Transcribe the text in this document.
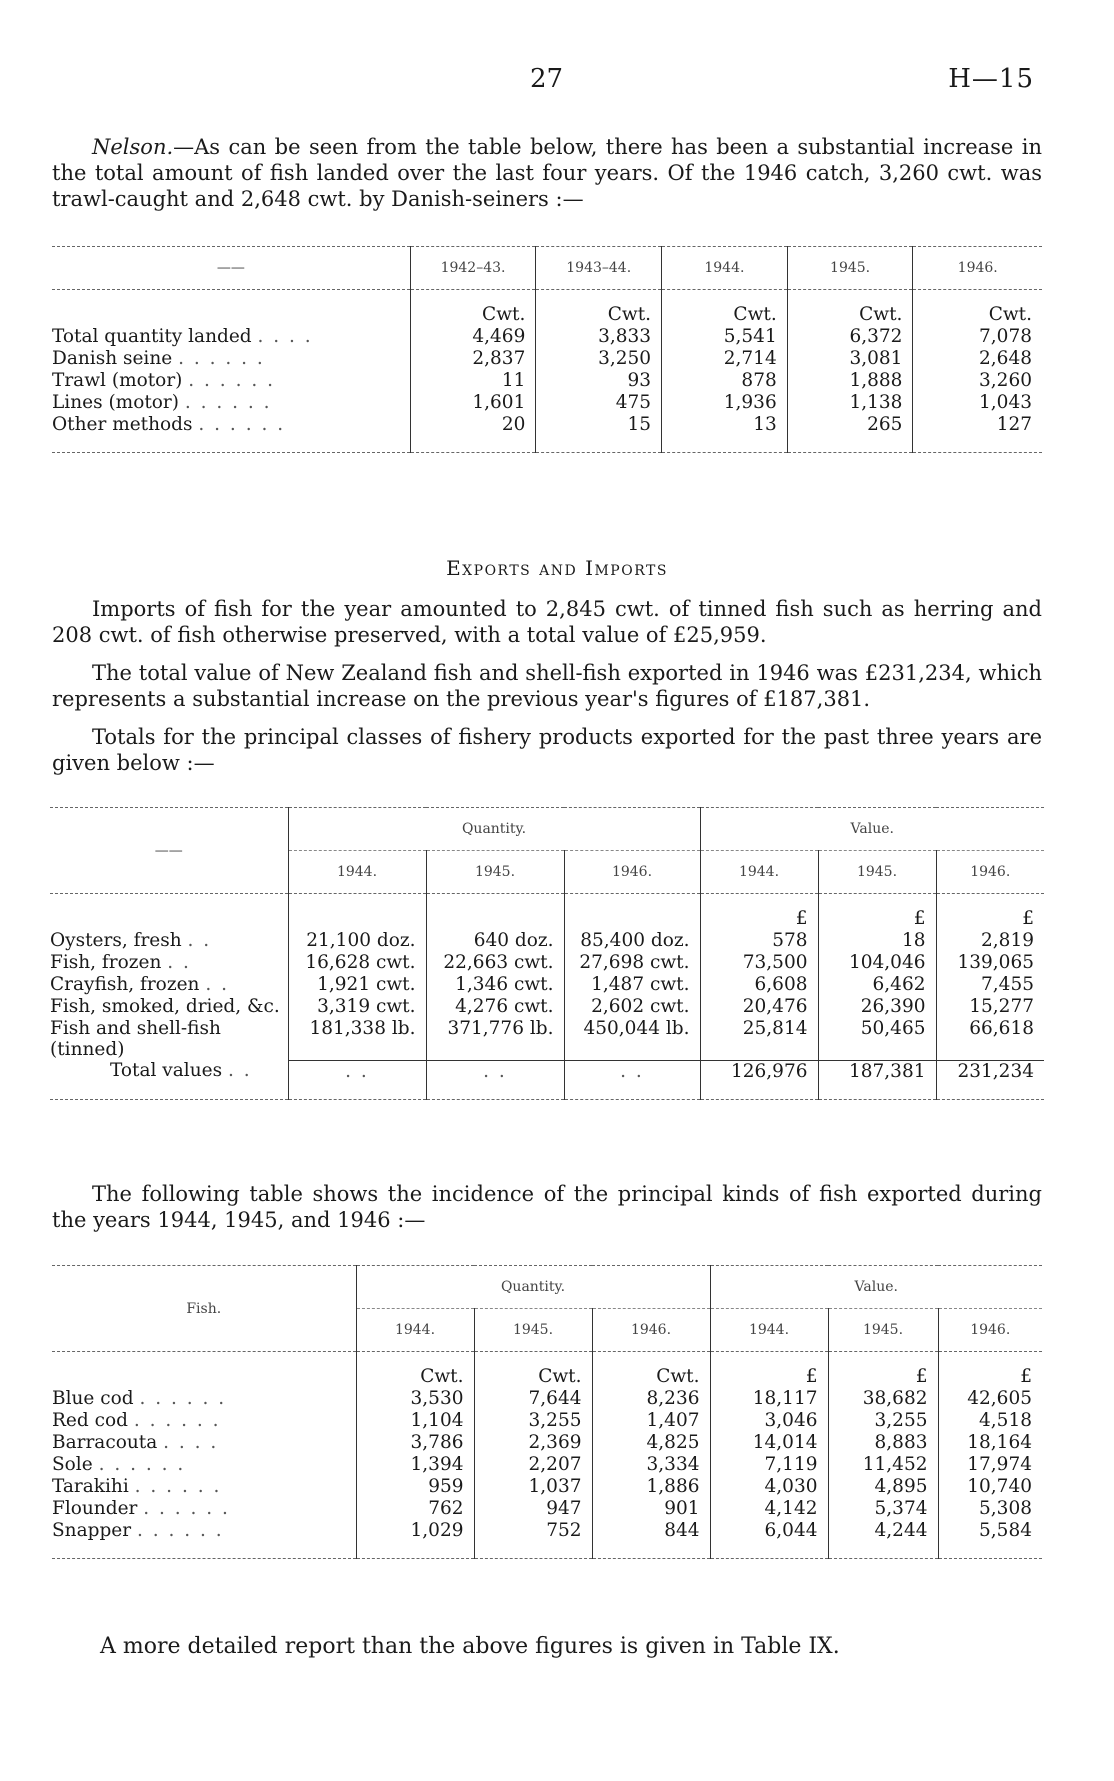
27	H—15

Nelson.—As can be seen from the table below, there has been a substantial increase in the total amount of fish landed over the last four years. Of the 1946 catch, 3,260 cwt. was trawl-caught and 2,648 cwt. by Danish-seiners :—

——	1942–43.	1943–44.	1944.	1945.	1946.
	Cwt.	Cwt.	Cwt.	Cwt.	Cwt.
Total quantity landed . . . .	4,469	3,833	5,541	6,372	7,078
Danish seine . . . . . .	2,837	3,250	2,714	3,081	2,648
Trawl (motor) . . . . . .	11	93	878	1,888	3,260
Lines (motor) . . . . . .	1,601	475	1,936	1,138	1,043
Other methods . . . . . .	20	15	13	265	127
Exports and Imports

Imports of fish for the year amounted to 2,845 cwt. of tinned fish such as herring and 208 cwt. of fish otherwise preserved, with a total value of £25,959.

The total value of New Zealand fish and shell-fish exported in 1946 was £231,234, which represents a substantial increase on the previous year's figures of £187,381.

Totals for the principal classes of fishery products exported for the past three years are given below :—

——	Quantity.			Value.		
	1944.	1945.	1946.	1944.	1945.	1946.
				£	£	£
Oysters, fresh . .	21,100 doz.	640 doz.	85,400 doz.	578	18	2,819
Fish, frozen . .	16,628 cwt.	22,663 cwt.	27,698 cwt.	73,500	104,046	139,065
Crayfish, frozen . .	1,921 cwt.	1,346 cwt.	1,487 cwt.	6,608	6,462	7,455
Fish, smoked, dried, &c.	3,319 cwt.	4,276 cwt.	2,602 cwt.	20,476	26,390	15,277
Fish and shell-fish (tinned)	181,338 lb.	371,776 lb.	450,044 lb.	25,814	50,465	66,618
Total values . .	. .	. .	. .	126,976	187,381	231,234

The following table shows the incidence of the principal kinds of fish exported during the years 1944, 1945, and 1946 :—

Fish.	Quantity.			Value.		
	1944.	1945.	1946.	1944.	1945.	1946.
	Cwt.	Cwt.	Cwt.	£	£	£
Blue cod . . . . . .	3,530	7,644	8,236	18,117	38,682	42,605
Red cod . . . . . .	1,104	3,255	1,407	3,046	3,255	4,518
Barracouta . . . .	3,786	2,369	4,825	14,014	8,883	18,164
Sole . . . . . .	1,394	2,207	3,334	7,119	11,452	17,974
Tarakihi . . . . . .	959	1,037	1,886	4,030	4,895	10,740
Flounder . . . . . .	762	947	901	4,142	5,374	5,308
Snapper . . . . . .	1,029	752	844	6,044	4,244	5,584
A more detailed report than the above figures is given in Table IX.
